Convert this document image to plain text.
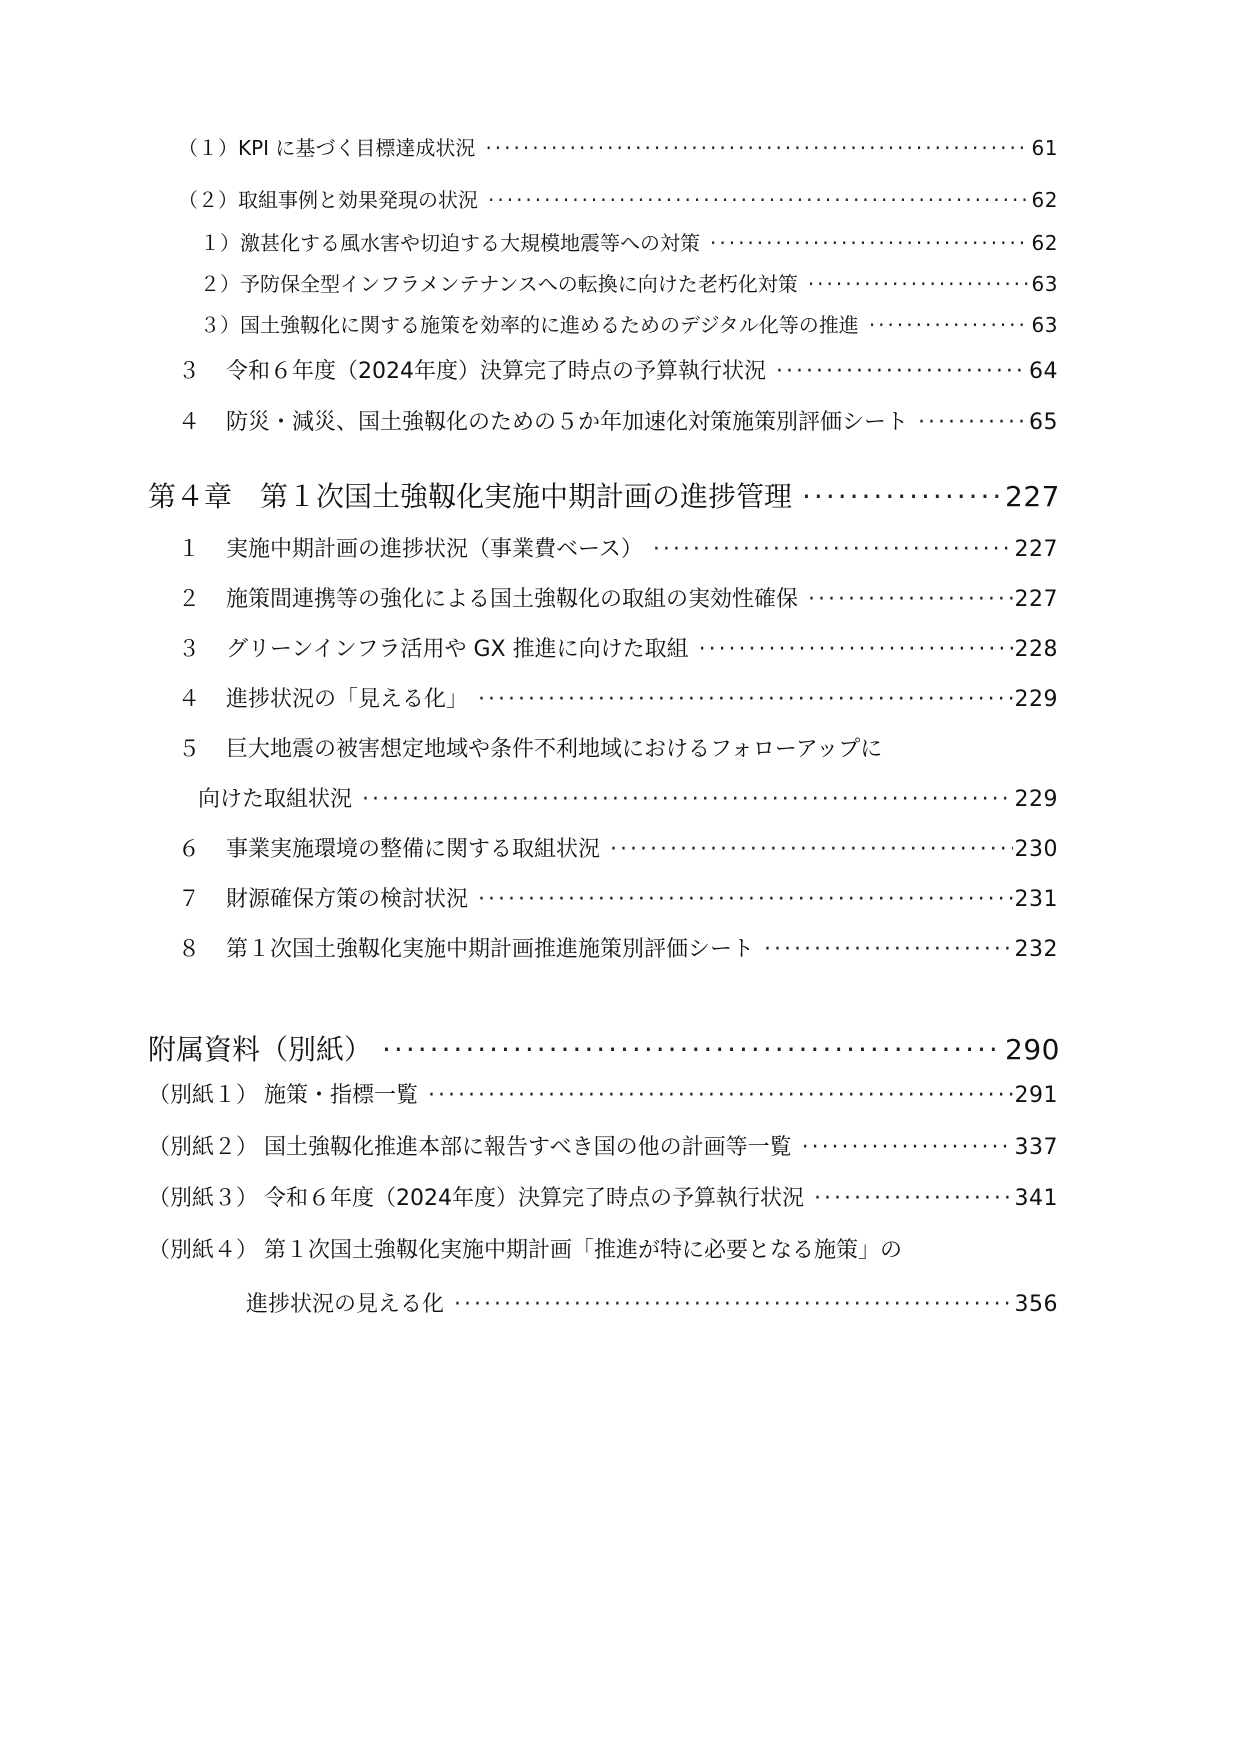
（１） KPI に基づく目標達成状況 ·····	61
（２） 取組事例と効果発現の状況 ·····	62
１） 激甚化する風水害や切迫する大規模地震等への対策 ·····	62
２） 予防保全型インフラメンテナンスへの転換に向けた老朽化対策 ·····	63
３） 国土強靱化に関する施策を効率的に進めるためのデジタル化等の推進 ·····	63
３	令和６年度（2024年度）決算完了時点の予算執行状況 ·····	64
４	防災・減災、国土強靱化のための５か年加速化対策施策別評価シート ·····	65
第４章　第１次国土強靱化実施中期計画の進捗管理 ·····	227
１	実施中期計画の進捗状況（事業費ベース） ·····	227
２	施策間連携等の強化による国土強靱化の取組の実効性確保 ·····	227
３	グリーンインフラ活用や GX 推進に向けた取組 ·····	228
４	進捗状況の「見える化」 ·····	229
５	巨大地震の被害想定地域や条件不利地域におけるフォローアップに
向けた取組状況 ·····	229
６	事業実施環境の整備に関する取組状況 ·····	230
７	財源確保方策の検討状況 ·····	231
８	第１次国土強靱化実施中期計画推進施策別評価シート ·····	232
附属資料（別紙） ·····	290
（別紙１） 施策・指標一覧 ·····	291
（別紙２） 国土強靱化推進本部に報告すべき国の他の計画等一覧 ·····	337
（別紙３） 令和６年度（2024年度）決算完了時点の予算執行状況 ·····	341
（別紙４） 第１次国土強靱化実施中期計画「推進が特に必要となる施策」の
進捗状況の見える化 ·····	356
